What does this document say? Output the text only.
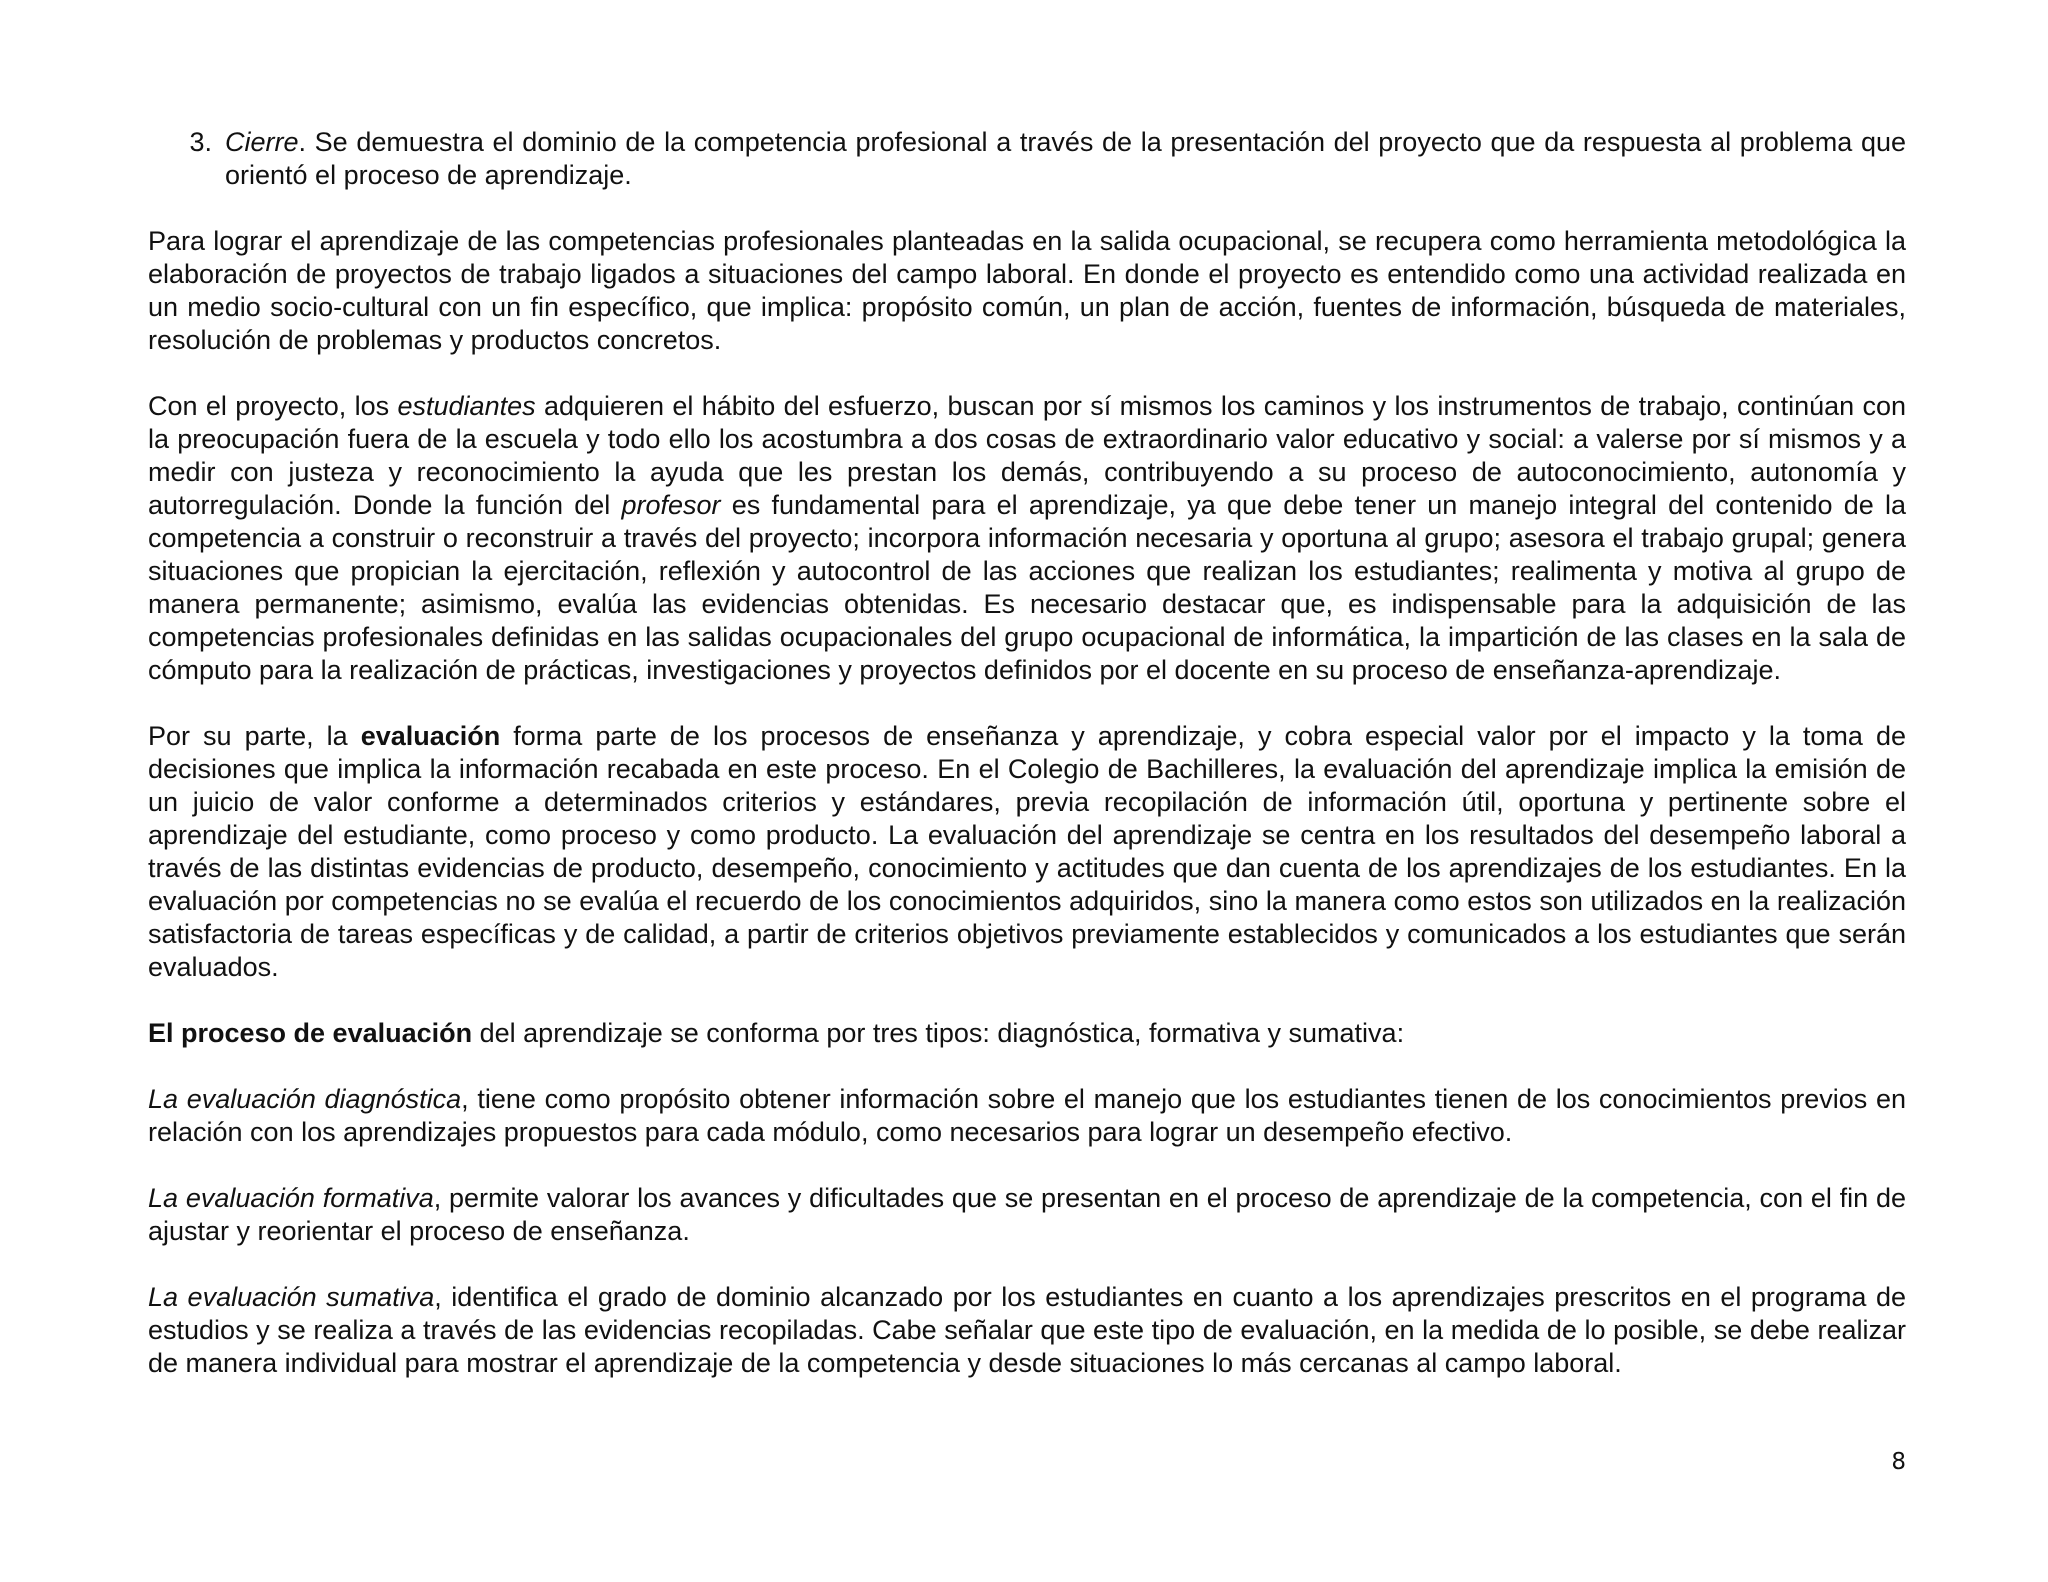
3. Cierre. Se demuestra el dominio de la competencia profesional a través de la presentación del proyecto que da respuesta al problema que orientó el proceso de aprendizaje.

Para lograr el aprendizaje de las competencias profesionales planteadas en la salida ocupacional, se recupera como herramienta metodológica la elaboración de proyectos de trabajo ligados a situaciones del campo laboral. En donde el proyecto es entendido como una actividad realizada en un medio socio-cultural con un fin específico, que implica: propósito común, un plan de acción, fuentes de información, búsqueda de materiales, resolución de problemas y productos concretos.

Con el proyecto, los estudiantes adquieren el hábito del esfuerzo, buscan por sí mismos los caminos y los instrumentos de trabajo, continúan con la preocupación fuera de la escuela y todo ello los acostumbra a dos cosas de extraordinario valor educativo y social: a valerse por sí mismos y a medir con justeza y reconocimiento la ayuda que les prestan los demás, contribuyendo a su proceso de autoconocimiento, autonomía y autorregulación. Donde la función del profesor es fundamental para el aprendizaje, ya que debe tener un manejo integral del contenido de la competencia a construir o reconstruir a través del proyecto; incorpora información necesaria y oportuna al grupo; asesora el trabajo grupal; genera situaciones que propician la ejercitación, reflexión y autocontrol de las acciones que realizan los estudiantes; realimenta y motiva al grupo de manera permanente; asimismo, evalúa las evidencias obtenidas. Es necesario destacar que, es indispensable para la adquisición de las competencias profesionales definidas en las salidas ocupacionales del grupo ocupacional de informática, la impartición de las clases en la sala de cómputo para la realización de prácticas, investigaciones y proyectos definidos por el docente en su proceso de enseñanza-aprendizaje.

Por su parte, la evaluación forma parte de los procesos de enseñanza y aprendizaje, y cobra especial valor por el impacto y la toma de decisiones que implica la información recabada en este proceso. En el Colegio de Bachilleres, la evaluación del aprendizaje implica la emisión de un juicio de valor conforme a determinados criterios y estándares, previa recopilación de información útil, oportuna y pertinente sobre el aprendizaje del estudiante, como proceso y como producto. La evaluación del aprendizaje se centra en los resultados del desempeño laboral a través de las distintas evidencias de producto, desempeño, conocimiento y actitudes que dan cuenta de los aprendizajes de los estudiantes. En la evaluación por competencias no se evalúa el recuerdo de los conocimientos adquiridos, sino la manera como estos son utilizados en la realización satisfactoria de tareas específicas y de calidad, a partir de criterios objetivos previamente establecidos y comunicados a los estudiantes que serán evaluados.

El proceso de evaluación del aprendizaje se conforma por tres tipos: diagnóstica, formativa y sumativa:

La evaluación diagnóstica, tiene como propósito obtener información sobre el manejo que los estudiantes tienen de los conocimientos previos en relación con los aprendizajes propuestos para cada módulo, como necesarios para lograr un desempeño efectivo.

La evaluación formativa, permite valorar los avances y dificultades que se presentan en el proceso de aprendizaje de la competencia, con el fin de ajustar y reorientar el proceso de enseñanza.

La evaluación sumativa, identifica el grado de dominio alcanzado por los estudiantes en cuanto a los aprendizajes prescritos en el programa de estudios y se realiza a través de las evidencias recopiladas. Cabe señalar que este tipo de evaluación, en la medida de lo posible, se debe realizar de manera individual para mostrar el aprendizaje de la competencia y desde situaciones lo más cercanas al campo laboral.

8
